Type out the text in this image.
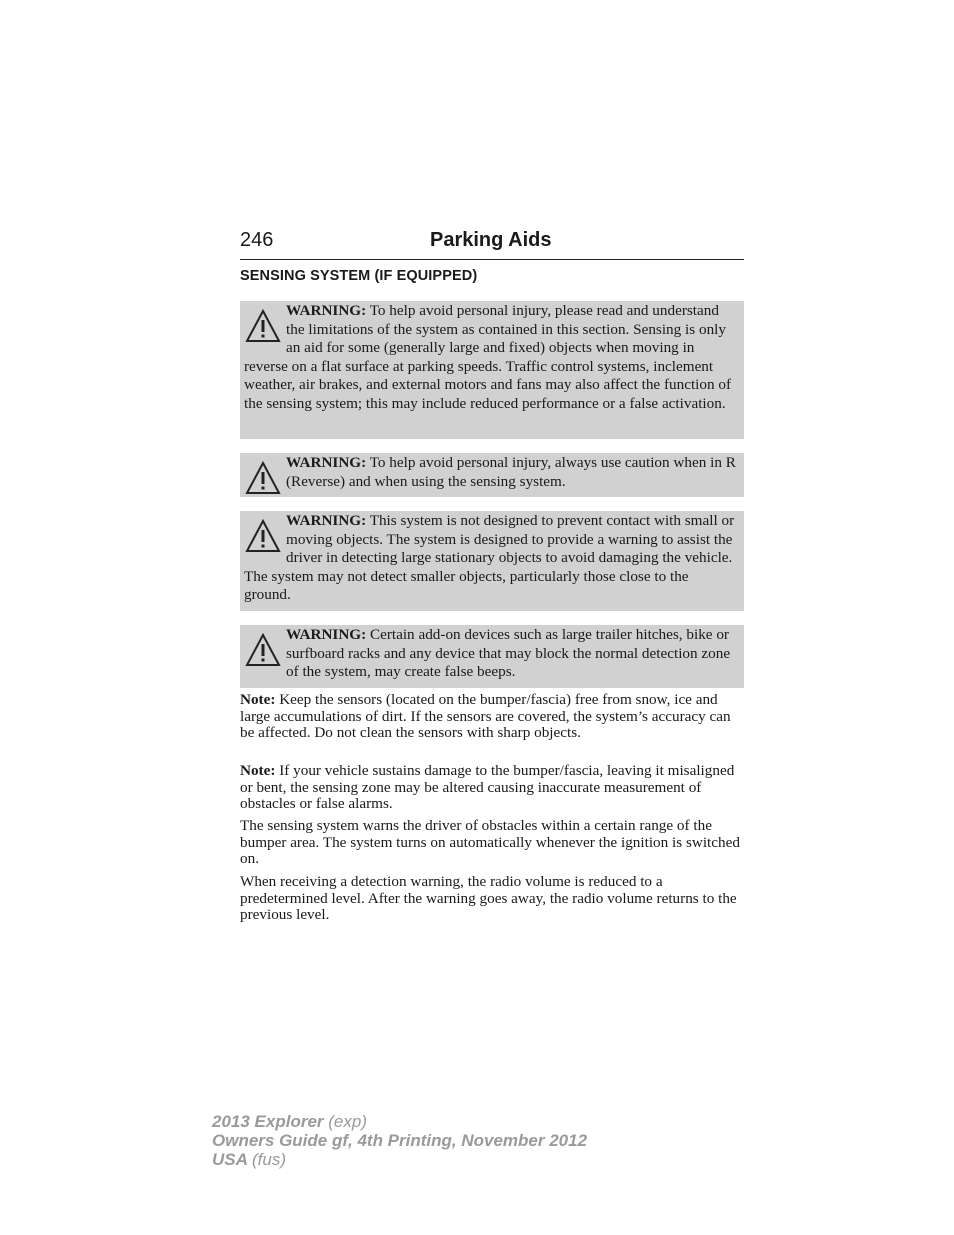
246	Parking Aids
SENSING SYSTEM (IF EQUIPPED)

WARNING: To help avoid personal injury, please read and understand the limitations of the system as contained in this section. Sensing is only an aid for some (generally large and fixed) objects when moving in reverse on a flat surface at parking speeds. Traffic control systems, inclement weather, air brakes, and external motors and fans may also affect the function of the sensing system; this may include reduced performance or a false activation.

WARNING: To help avoid personal injury, always use caution when in R (Reverse) and when using the sensing system.

WARNING: This system is not designed to prevent contact with small or moving objects. The system is designed to provide a warning to assist the driver in detecting large stationary objects to avoid damaging the vehicle. The system may not detect smaller objects, particularly those close to the ground.

WARNING: Certain add-on devices such as large trailer hitches, bike or surfboard racks and any device that may block the normal detection zone of the system, may create false beeps.

Note: Keep the sensors (located on the bumper/fascia) free from snow, ice and large accumulations of dirt. If the sensors are covered, the system’s accuracy can be affected. Do not clean the sensors with sharp objects.

Note: If your vehicle sustains damage to the bumper/fascia, leaving it misaligned or bent, the sensing zone may be altered causing inaccurate measurement of obstacles or false alarms.

The sensing system warns the driver of obstacles within a certain range of the bumper area. The system turns on automatically whenever the ignition is switched on.

When receiving a detection warning, the radio volume is reduced to a predetermined level. After the warning goes away, the radio volume returns to the previous level.

2013 Explorer (exp)
Owners Guide gf, 4th Printing, November 2012
USA (fus)
